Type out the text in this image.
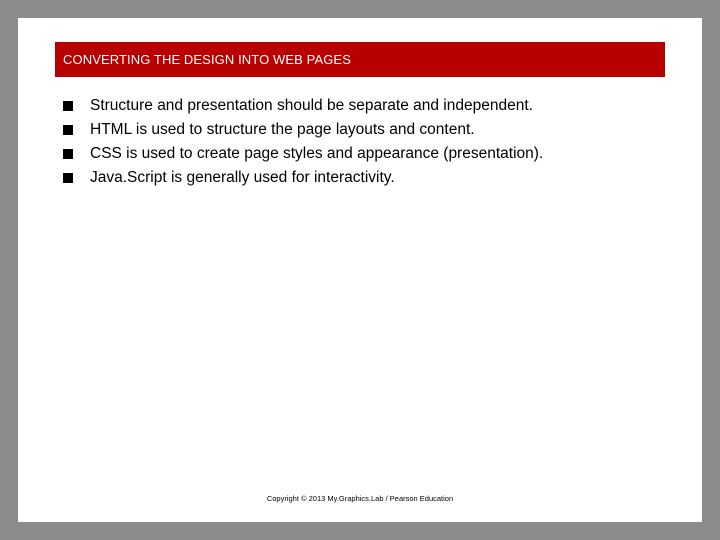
CONVERTING THE DESIGN INTO WEB PAGES
Structure and presentation should be separate and independent.
HTML is used to structure the page layouts and content.
CSS is used to create page styles and appearance (presentation).
Java.Script is generally used for interactivity.
Copyright © 2013 My.Graphics.Lab / Pearson Education
